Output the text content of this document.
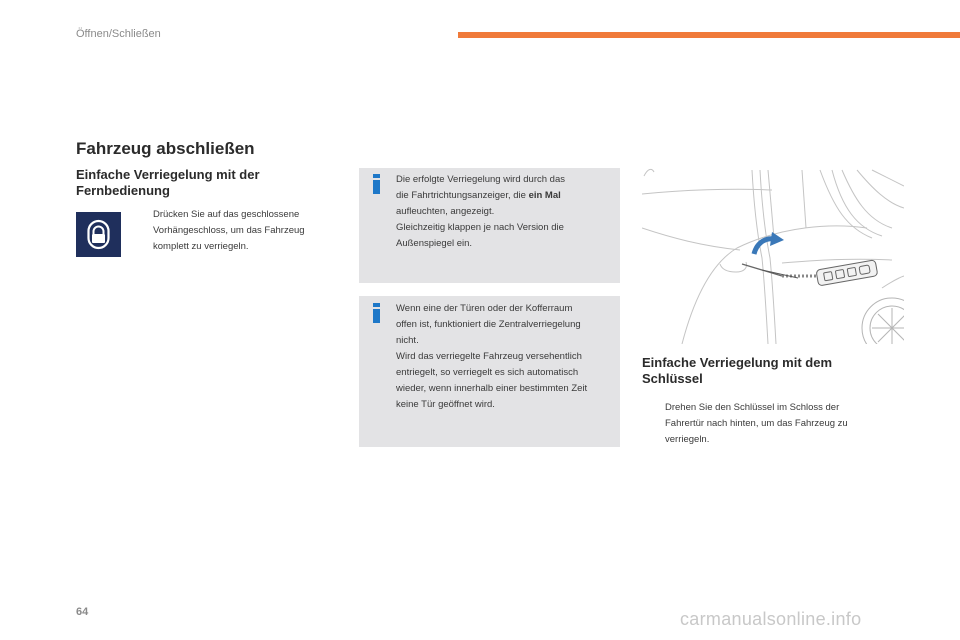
Öffnen/Schließen
Fahrzeug abschließen
Einfache Verriegelung mit der
Fernbedienung
Drücken Sie auf das geschlossene
Vorhängeschloss, um das Fahrzeug
komplett zu verriegeln.
Die erfolgte Verriegelung wird durch das
die Fahrtrichtungsanzeiger, die ein Mal
aufleuchten, angezeigt.
Gleichzeitig klappen je nach Version die
Außenspiegel ein.
Wenn eine der Türen oder der Kofferraum
offen ist, funktioniert die Zentralverriegelung
nicht.
Wird das verriegelte Fahrzeug versehentlich
entriegelt, so verriegelt es sich automatisch
wieder, wenn innerhalb einer bestimmten Zeit
keine Tür geöffnet wird.
Einfache Verriegelung mit dem
Schlüssel
Drehen Sie den Schlüssel im Schloss der
Fahrertür nach hinten, um das Fahrzeug zu
verriegeln.
64	carmanualsonline.info
